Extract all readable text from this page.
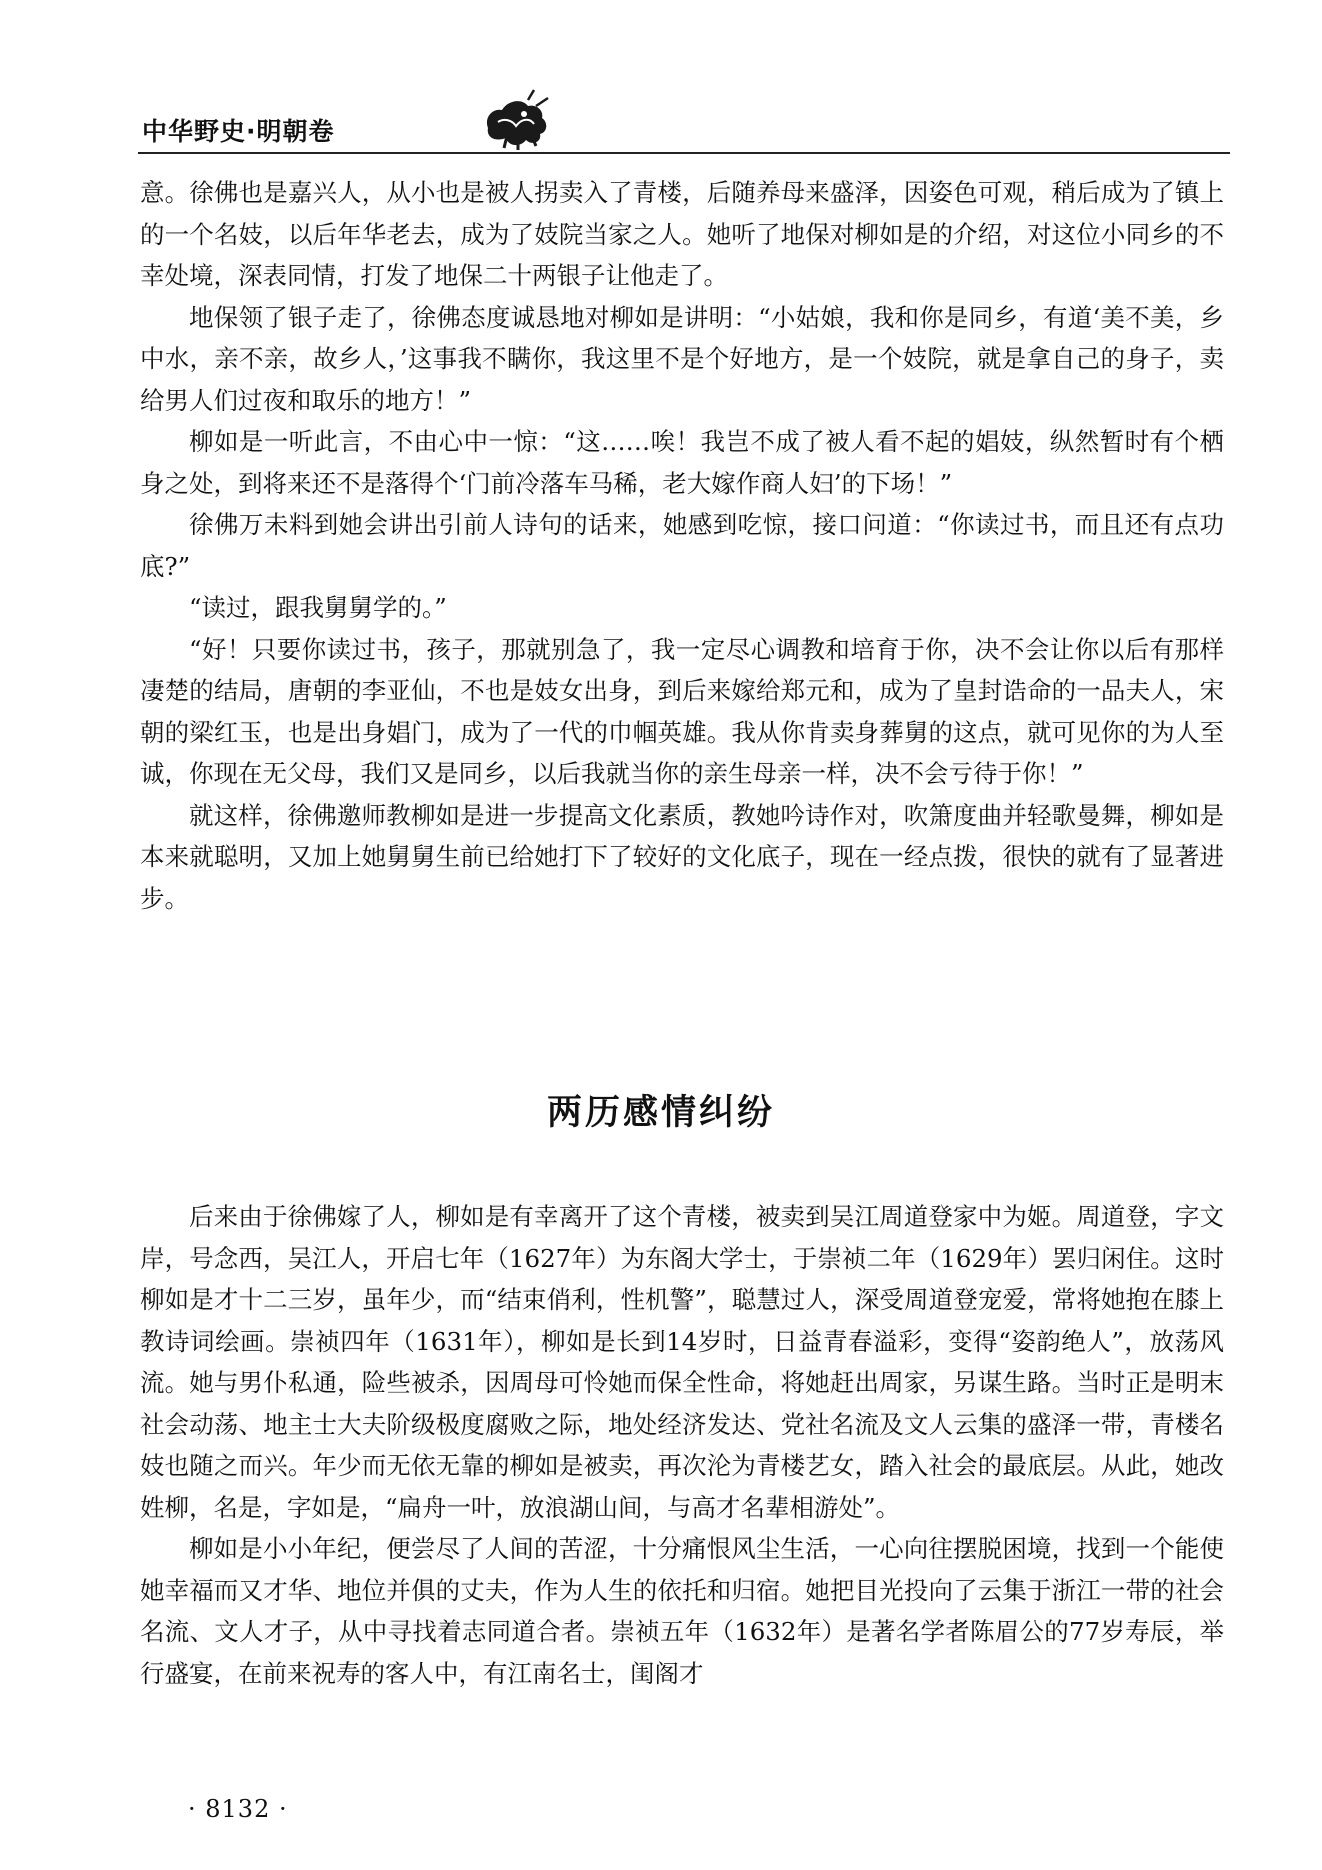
中华野史·明朝卷

意。徐佛也是嘉兴人，从小也是被人拐卖入了青楼，后随养母来盛泽，因姿色可观，稍后成为了镇上的一个名妓，以后年华老去，成为了妓院当家之人。她听了地保对柳如是的介绍，对这位小同乡的不幸处境，深表同情，打发了地保二十两银子让他走了。

地保领了银子走了，徐佛态度诚恳地对柳如是讲明：“小姑娘，我和你是同乡，有道‘美不美，乡中水，亲不亲，故乡人，’这事我不瞒你，我这里不是个好地方，是一个妓院，就是拿自己的身子，卖给男人们过夜和取乐的地方！”

柳如是一听此言，不由心中一惊：“这……唉！我岂不成了被人看不起的娼妓，纵然暂时有个栖身之处，到将来还不是落得个‘门前冷落车马稀，老大嫁作商人妇’的下场！”

徐佛万未料到她会讲出引前人诗句的话来，她感到吃惊，接口问道：“你读过书，而且还有点功底?”

“读过，跟我舅舅学的。”

“好！只要你读过书，孩子，那就别急了，我一定尽心调教和培育于你，决不会让你以后有那样凄楚的结局，唐朝的李亚仙，不也是妓女出身，到后来嫁给郑元和，成为了皇封诰命的一品夫人，宋朝的梁红玉，也是出身娼门，成为了一代的巾帼英雄。我从你肯卖身葬舅的这点，就可见你的为人至诚，你现在无父母，我们又是同乡，以后我就当你的亲生母亲一样，决不会亏待于你！”

就这样，徐佛邀师教柳如是进一步提高文化素质，教她吟诗作对，吹箫度曲并轻歌曼舞，柳如是本来就聪明，又加上她舅舅生前已给她打下了较好的文化底子，现在一经点拨，很快的就有了显著进步。

两历感情纠纷

后来由于徐佛嫁了人，柳如是有幸离开了这个青楼，被卖到吴江周道登家中为姬。周道登，字文岸，号念西，吴江人，开启七年（1627年）为东阁大学士，于崇祯二年（1629年）罢归闲住。这时柳如是才十二三岁，虽年少，而“结束俏利，性机警”，聪慧过人，深受周道登宠爱，常将她抱在膝上教诗词绘画。崇祯四年（1631年），柳如是长到14岁时，日益青春溢彩，变得“姿韵绝人”，放荡风流。她与男仆私通，险些被杀，因周母可怜她而保全性命，将她赶出周家，另谋生路。当时正是明末社会动荡、地主士大夫阶级极度腐败之际，地处经济发达、党社名流及文人云集的盛泽一带，青楼名妓也随之而兴。年少而无依无靠的柳如是被卖，再次沦为青楼艺女，踏入社会的最底层。从此，她改姓柳，名是，字如是，“扁舟一叶，放浪湖山间，与高才名辈相游处”。

柳如是小小年纪，便尝尽了人间的苦涩，十分痛恨风尘生活，一心向往摆脱困境，找到一个能使她幸福而又才华、地位并俱的丈夫，作为人生的依托和归宿。她把目光投向了云集于浙江一带的社会名流、文人才子，从中寻找着志同道合者。崇祯五年（1632年）是著名学者陈眉公的77岁寿辰，举行盛宴，在前来祝寿的客人中，有江南名士，闺阁才

· 8132 ·
